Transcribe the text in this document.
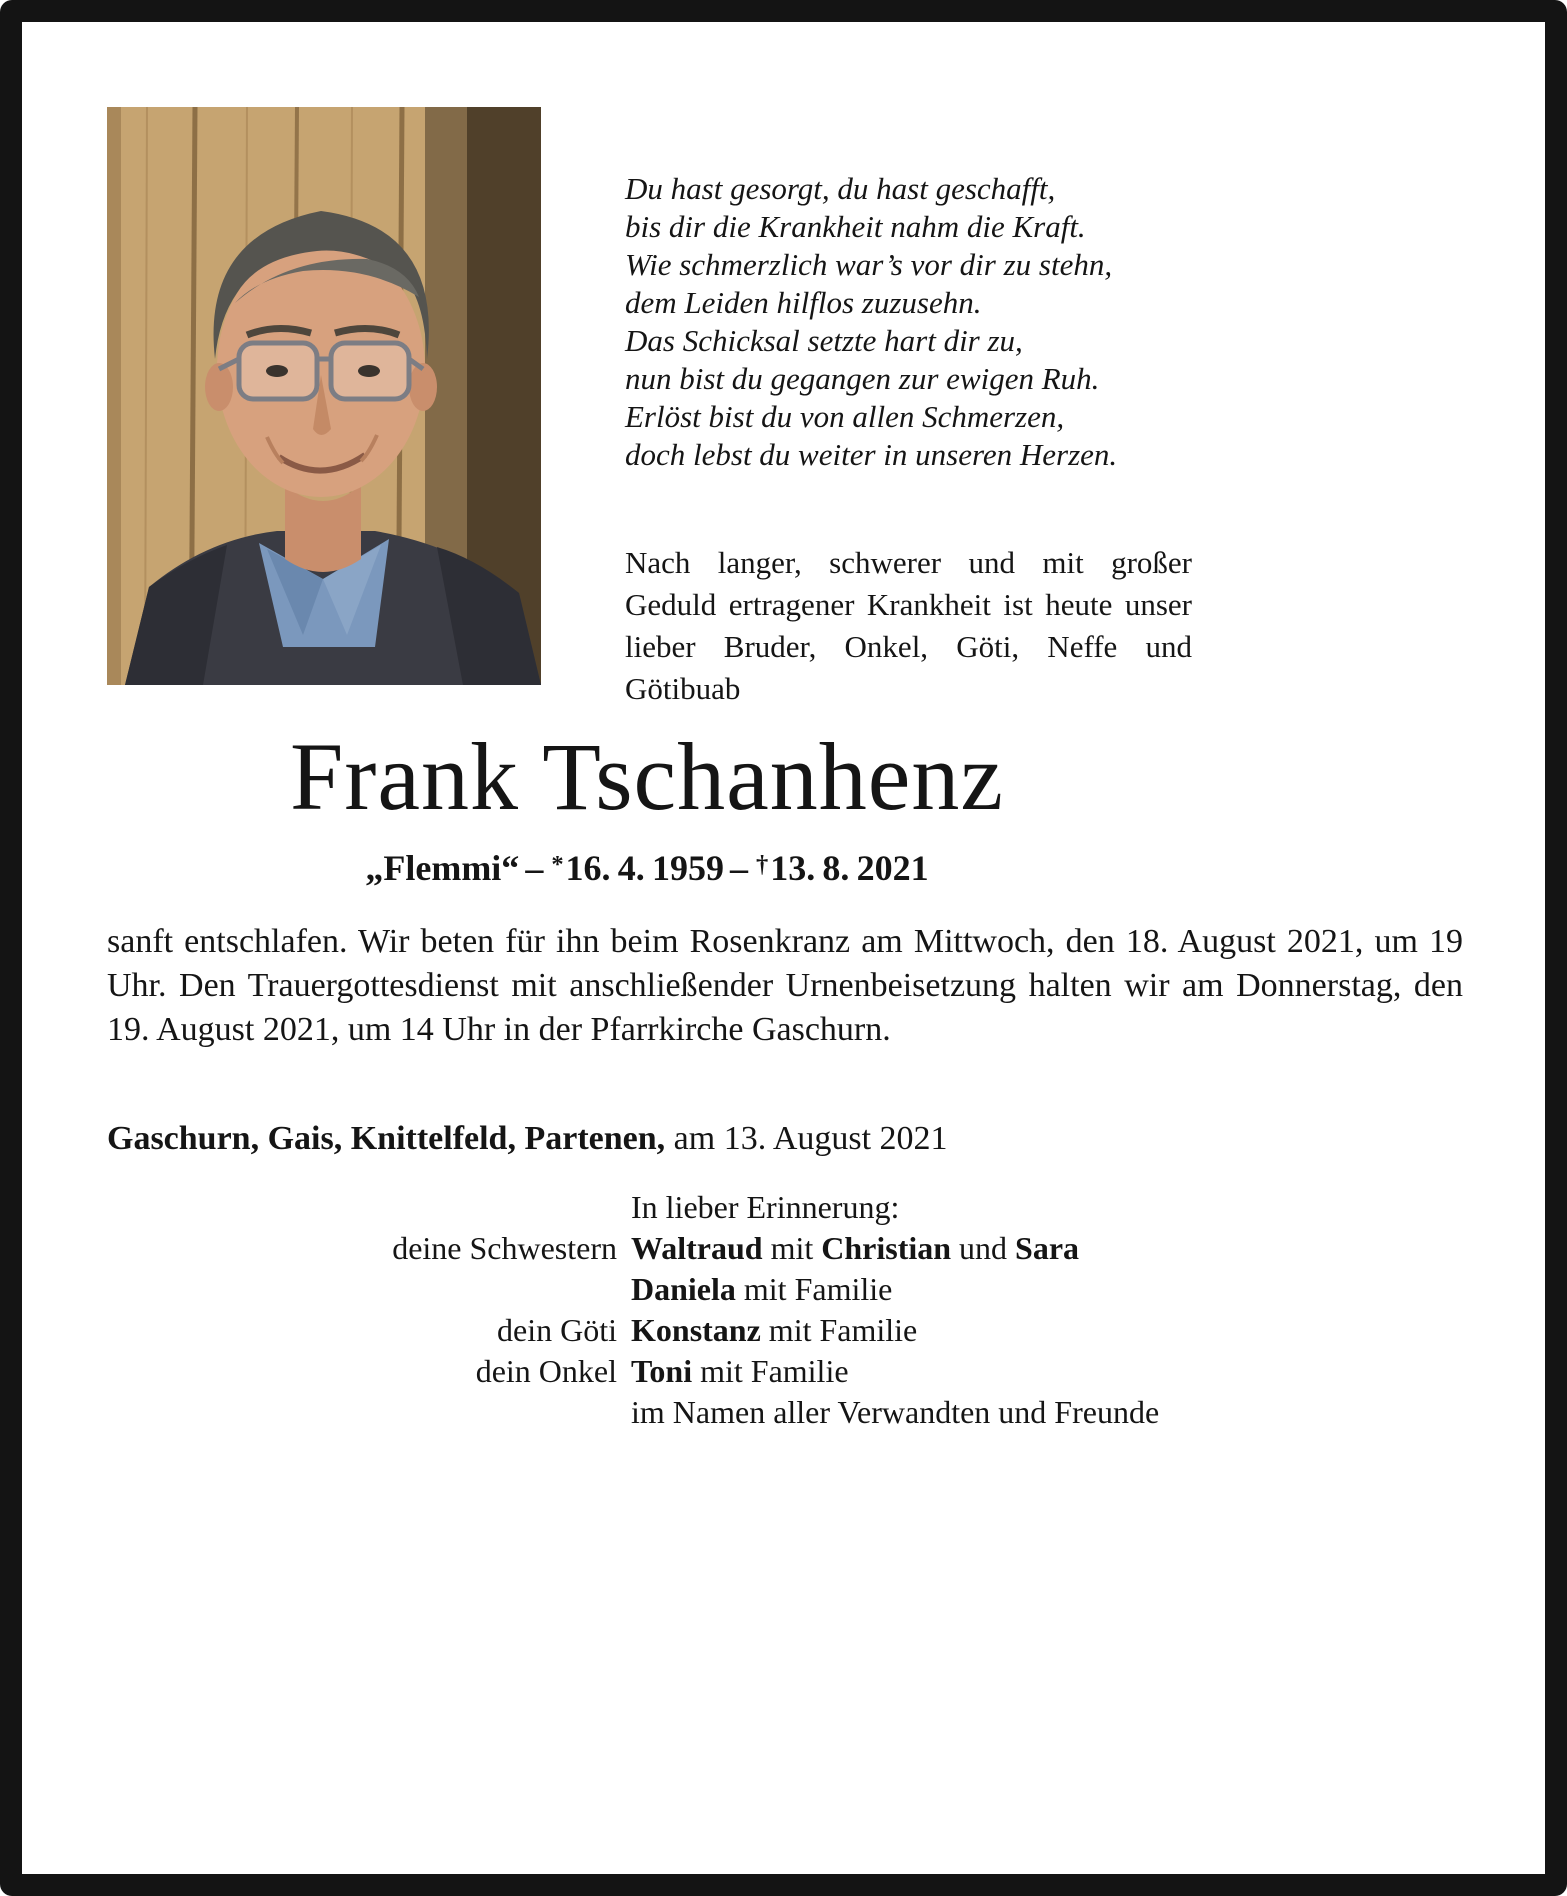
Du hast gesorgt, du hast geschafft,
bis dir die Krankheit nahm die Kraft.
Wie schmerzlich war’s vor dir zu stehn,
dem Leiden hilflos zuzusehn.
Das Schicksal setzte hart dir zu,
nun bist du gegangen zur ewigen Ruh.
Erlöst bist du von allen Schmerzen,
doch lebst du weiter in unseren Herzen.

Nach langer, schwerer und mit großer Geduld ertragener Krankheit ist heute unser lieber Bruder, Onkel, Göti, Neffe und Götibuab

Frank Tschanhenz
„Flemmi“ – *16. 4. 1959 – †13. 8. 2021

sanft entschlafen. Wir beten für ihn beim Rosenkranz am Mittwoch, den 18. August 2021, um 19 Uhr. Den Trauergottesdienst mit anschließender Urnenbeisetzung halten wir am Donnerstag, den 19. August 2021, um 14 Uhr in der Pfarrkirche Gaschurn.

Gaschurn, Gais, Knittelfeld, Partenen, am 13. August 2021
In lieber Erinnerung:
deine Schwestern Waltraud mit Christian und Sara
Daniela mit Familie
dein Göti Konstanz mit Familie
dein Onkel Toni mit Familie
im Namen aller Verwandten und Freunde
